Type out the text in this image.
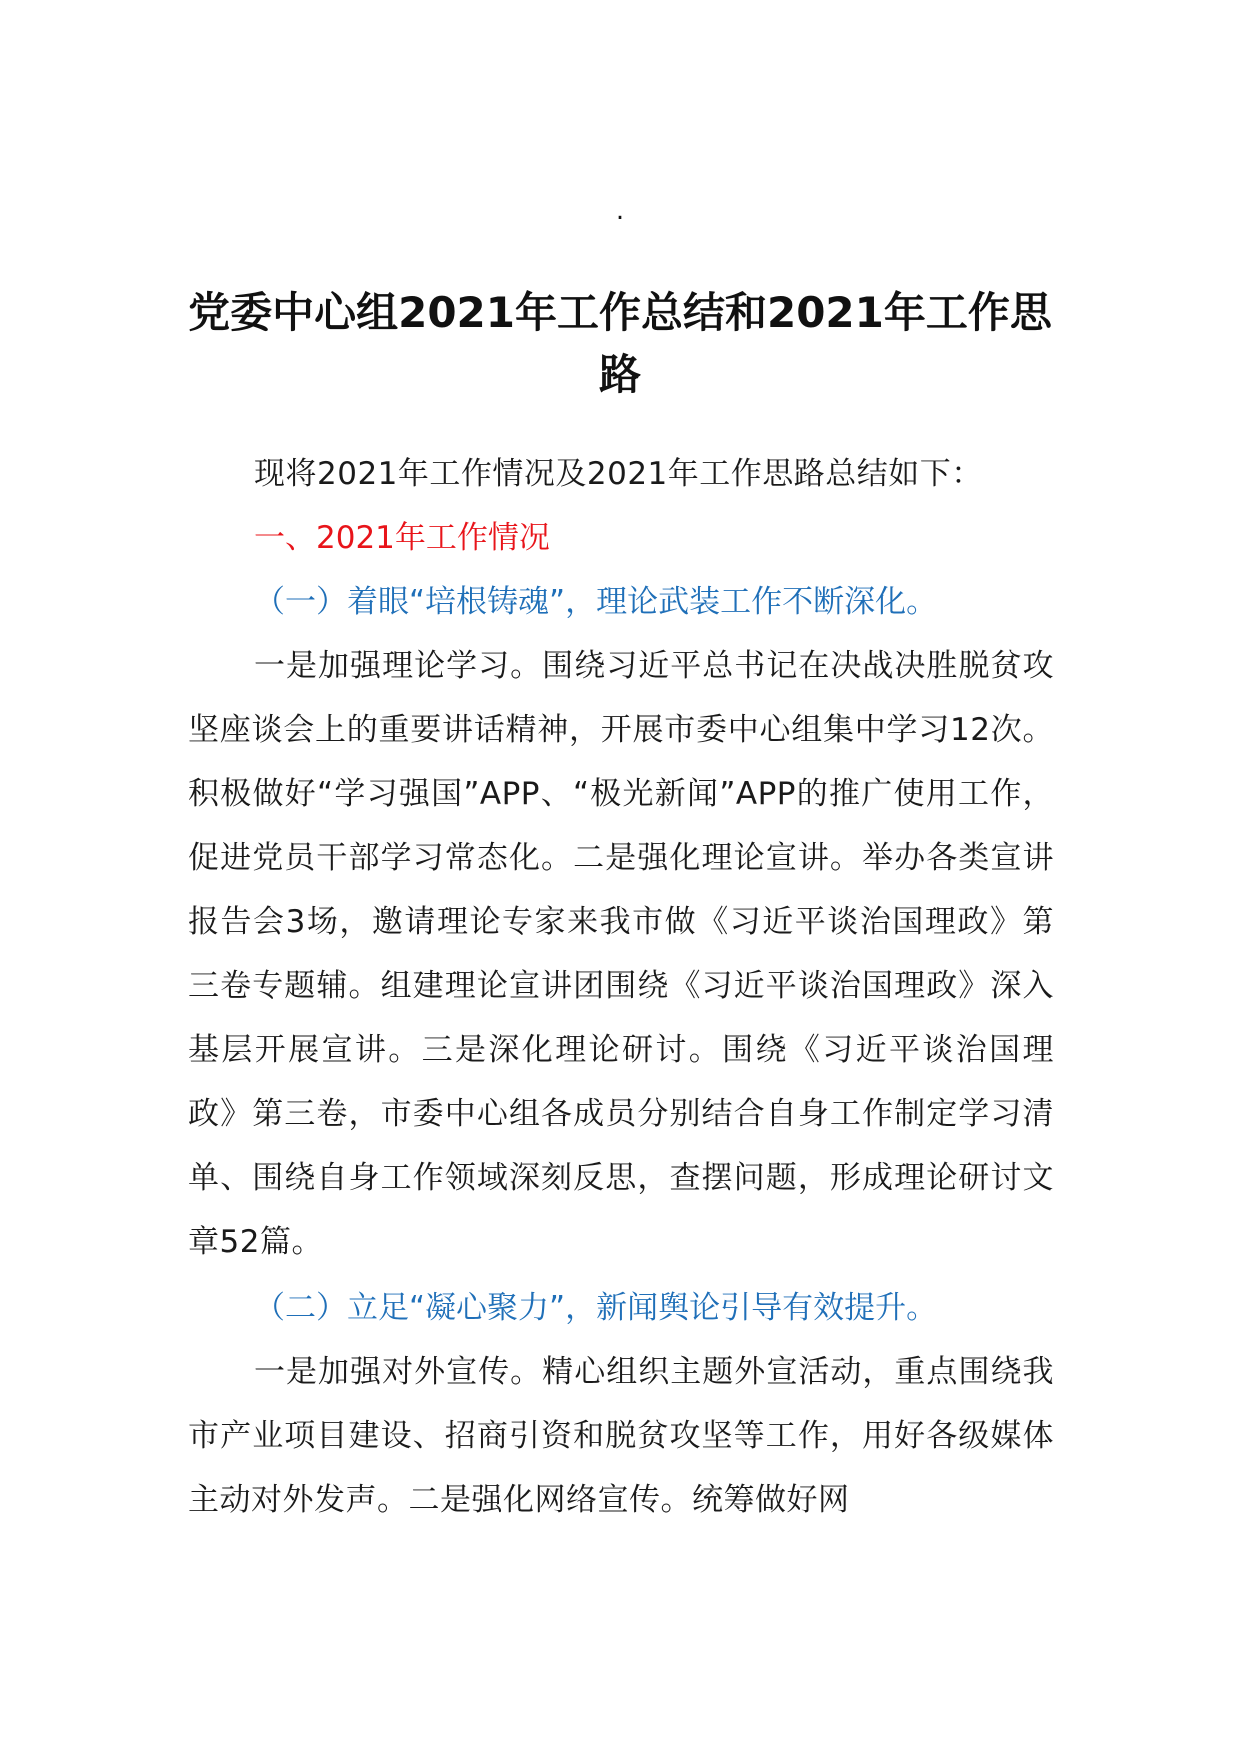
.
党委中心组2021年工作总结和2021年工作思路

现将2021年工作情况及2021年工作思路总结如下：

一、2021年工作情况
（一）着眼“培根铸魂”，理论武装工作不断深化。

一是加强理论学习。围绕习近平总书记在决战决胜脱贫攻坚座谈会上的重要讲话精神，开展市委中心组集中学习12次。积极做好“学习强国”APP、“极光新闻”APP的推广使用工作，促进党员干部学习常态化。二是强化理论宣讲。举办各类宣讲报告会3场，邀请理论专家来我市做《习近平谈治国理政》第三卷专题辅。组建理论宣讲团围绕《习近平谈治国理政》深入基层开展宣讲。三是深化理论研讨。围绕《习近平谈治国理政》第三卷，市委中心组各成员分别结合自身工作制定学习清单、围绕自身工作领域深刻反思，查摆问题，形成理论研讨文章52篇。

（二）立足“凝心聚力”，新闻舆论引导有效提升。

一是加强对外宣传。精心组织主题外宣活动，重点围绕我市产业项目建设、招商引资和脱贫攻坚等工作，用好各级媒体主动对外发声。二是强化网络宣传。统筹做好网
